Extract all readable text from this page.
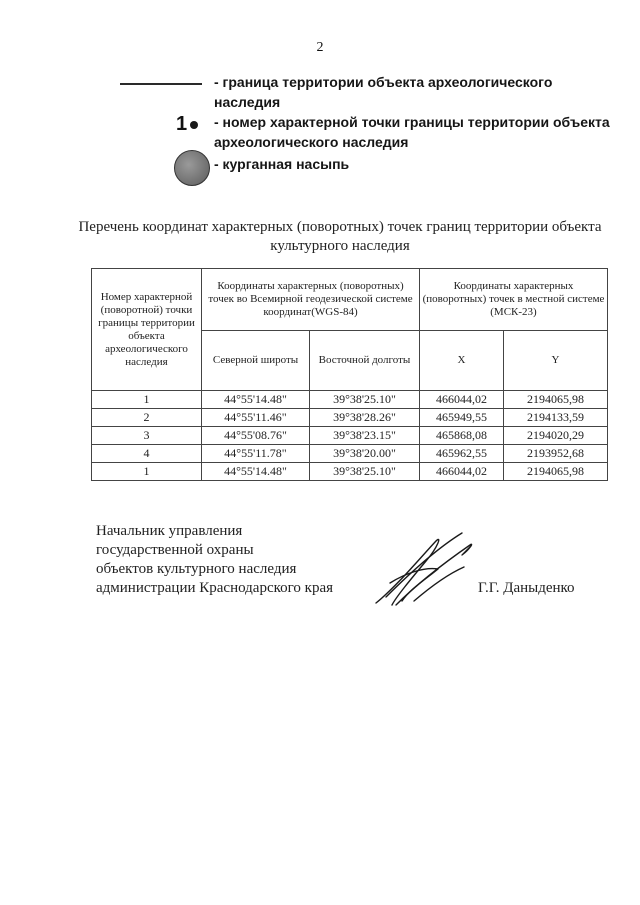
2
- граница территории объекта археологического наследия
1 - номер характерной точки границы территории объекта археологического наследия
- курганная насыпь
Перечень координат характерных (поворотных) точек границ территории объекта культурного наследия
Номер характерной (поворотной) точки границы территории объекта археологического наследия	Координаты характерных (поворотных) точек во Всемирной геодезической системе координат(WGS-84)		Координаты характерных (поворотных) точек в местной системе (МСК-23)	
	Северной широты	Восточной долготы	X	Y
1	44°55'14.48"	39°38'25.10"	466044,02	2194065,98
2	44°55'11.46"	39°38'28.26"	465949,55	2194133,59
3	44°55'08.76"	39°38'23.15"	465868,08	2194020,29
4	44°55'11.78"	39°38'20.00"	465962,55	2193952,68
1	44°55'14.48"	39°38'25.10"	466044,02	2194065,98
Начальник управления
государственной охраны
объектов культурного наследия
администрации Краснодарского края	Г.Г. Даныденко
